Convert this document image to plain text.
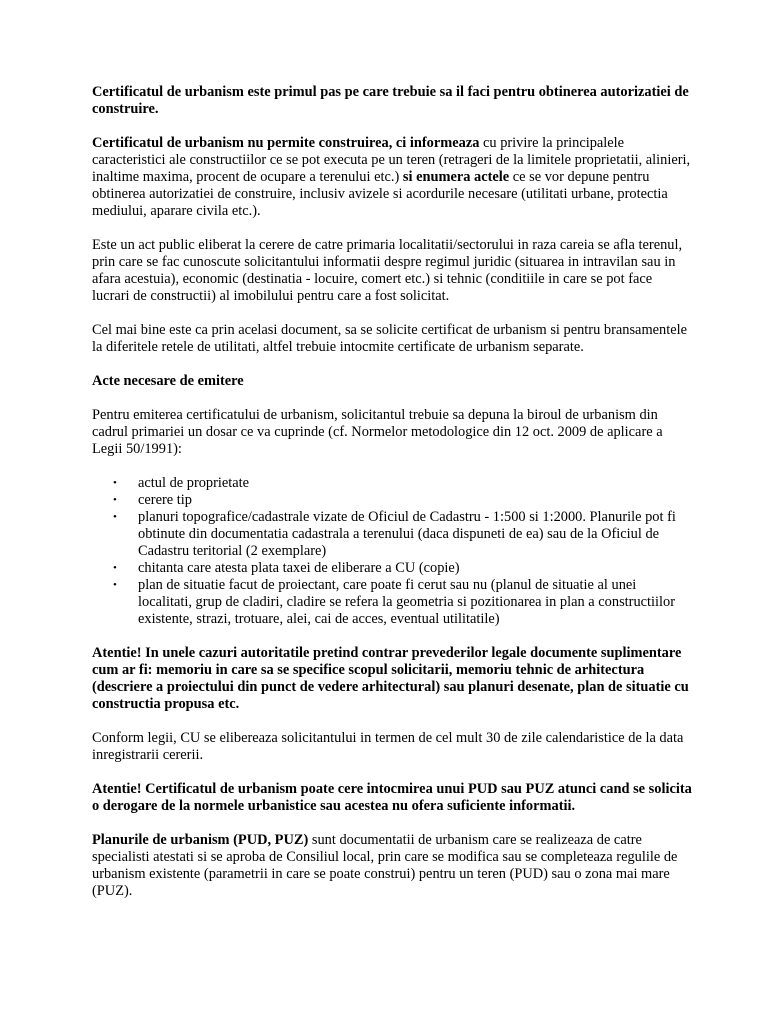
Certificatul de urbanism este primul pas pe care trebuie sa il faci pentru obtinerea autorizatiei de construire.

Certificatul de urbanism nu permite construirea, ci informeaza cu privire la principalele caracteristici ale constructiilor ce se pot executa pe un teren (retrageri de la limitele proprietatii, alinieri, inaltime maxima, procent de ocupare a terenului etc.) si enumera actele ce se vor depune pentru obtinerea autorizatiei de construire, inclusiv avizele si acordurile necesare (utilitati urbane, protectia mediului, aparare civila etc.).

Este un act public eliberat la cerere de catre primaria localitatii/sectorului in raza careia se afla terenul, prin care se fac cunoscute solicitantului informatii despre regimul juridic (situarea in intravilan sau in afara acestuia), economic (destinatia - locuire, comert etc.) si tehnic (conditiile in care se pot face lucrari de constructii) al imobilului pentru care a fost solicitat.

Cel mai bine este ca prin acelasi document, sa se solicite certificat de urbanism si pentru bransamentele la diferitele retele de utilitati, altfel trebuie intocmite certificate de urbanism separate.

Acte necesare de emitere

Pentru emiterea certificatului de urbanism, solicitantul trebuie sa depuna la biroul de urbanism din cadrul primariei un dosar ce va cuprinde (cf. Normelor metodologice din 12 oct. 2009 de aplicare a Legii 50/1991):

• actul de proprietate
• cerere tip
• planuri topografice/cadastrale vizate de Oficiul de Cadastru - 1:500 si 1:2000. Planurile pot fi obtinute din documentatia cadastrala a terenului (daca dispuneti de ea) sau de la Oficiul de Cadastru teritorial (2 exemplare)
• chitanta care atesta plata taxei de eliberare a CU (copie)
• plan de situatie facut de proiectant, care poate fi cerut sau nu (planul de situatie al unei localitati, grup de cladiri, cladire se refera la geometria si pozitionarea in plan a constructiilor existente, strazi, trotuare, alei, cai de acces, eventual utilitatile)

Atentie! In unele cazuri autoritatile pretind contrar prevederilor legale documente suplimentare cum ar fi: memoriu in care sa se specifice scopul solicitarii, memoriu tehnic de arhitectura (descriere a proiectului din punct de vedere arhitectural) sau planuri desenate, plan de situatie cu constructia propusa etc.

Conform legii, CU se elibereaza solicitantului in termen de cel mult 30 de zile calendaristice de la data inregistrarii cererii.

Atentie! Certificatul de urbanism poate cere intocmirea unui PUD sau PUZ atunci cand se solicita o derogare de la normele urbanistice sau acestea nu ofera suficiente informatii.

Planurile de urbanism (PUD, PUZ) sunt documentatii de urbanism care se realizeaza de catre specialisti atestati si se aproba de Consiliul local, prin care se modifica sau se completeaza regulile de urbanism existente (parametrii in care se poate construi) pentru un teren (PUD) sau o zona mai mare (PUZ).
